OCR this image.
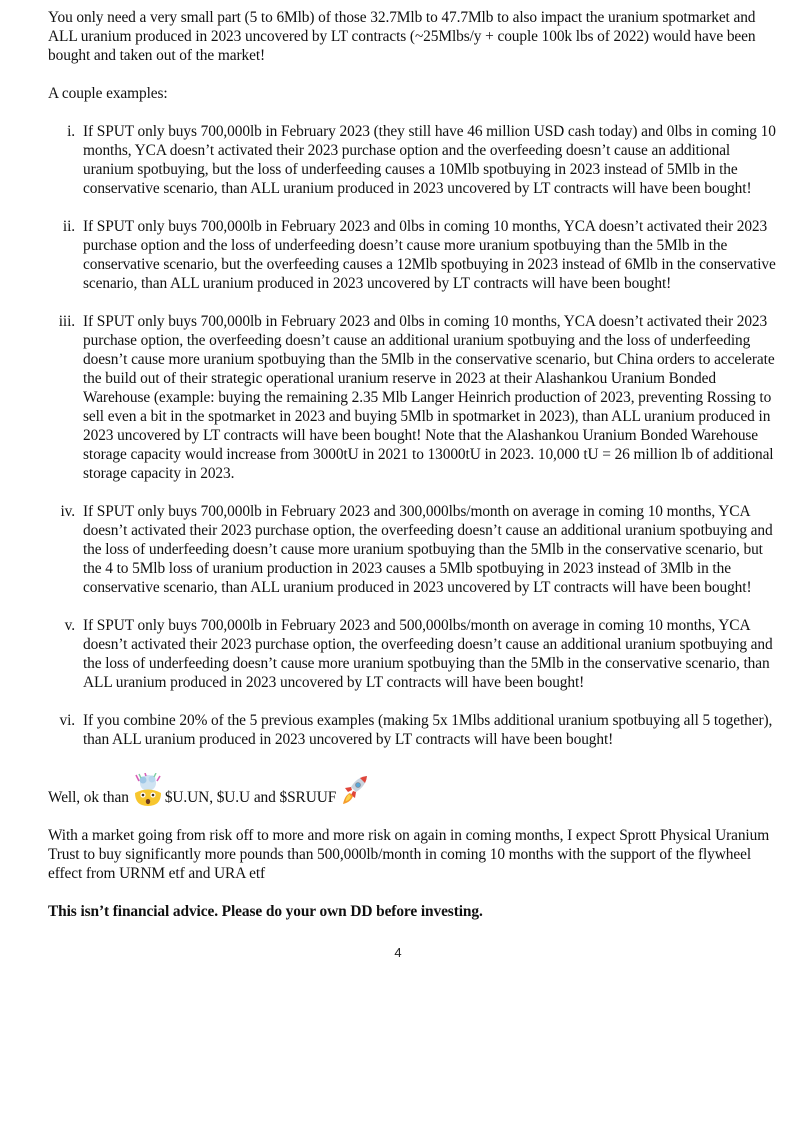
You only need a very small part (5 to 6Mlb) of those 32.7Mlb to 47.7Mlb to also impact the uranium spotmarket and ALL uranium produced in 2023 uncovered by LT contracts (~25Mlbs/y + couple 100k lbs of 2022) would have been bought and taken out of the market!

A couple examples:

i. If SPUT only buys 700,000lb in February 2023 (they still have 46 million USD cash today) and 0lbs in coming 10 months, YCA doesn’t activated their 2023 purchase option and the overfeeding doesn’t cause an additional uranium spotbuying, but the loss of underfeeding causes a 10Mlb spotbuying in 2023 instead of 5Mlb in the conservative scenario, than ALL uranium produced in 2023 uncovered by LT contracts will have been bought!
ii. If SPUT only buys 700,000lb in February 2023 and 0lbs in coming 10 months, YCA doesn’t activated their 2023 purchase option and the loss of underfeeding doesn’t cause more uranium spotbuying than the 5Mlb in the conservative scenario, but the overfeeding causes a 12Mlb spotbuying in 2023 instead of 6Mlb in the conservative scenario, than ALL uranium produced in 2023 uncovered by LT contracts will have been bought!
iii. If SPUT only buys 700,000lb in February 2023 and 0lbs in coming 10 months, YCA doesn’t activated their 2023 purchase option, the overfeeding doesn’t cause an additional uranium spotbuying and the loss of underfeeding doesn’t cause more uranium spotbuying than the 5Mlb in the conservative scenario, but China orders to accelerate the build out of their strategic operational uranium reserve in 2023 at their Alashankou Uranium Bonded Warehouse (example: buying the remaining 2.35 Mlb Langer Heinrich production of 2023, preventing Rossing to sell even a bit in the spotmarket in 2023 and buying 5Mlb in spotmarket in 2023), than ALL uranium produced in 2023 uncovered by LT contracts will have been bought! Note that the Alashankou Uranium Bonded Warehouse storage capacity would increase from 3000tU in 2021 to 13000tU in 2023. 10,000 tU = 26 million lb of additional storage capacity in 2023.
iv. If SPUT only buys 700,000lb in February 2023 and 300,000lbs/month on average in coming 10 months, YCA doesn’t activated their 2023 purchase option, the overfeeding doesn’t cause an additional uranium spotbuying and the loss of underfeeding doesn’t cause more uranium spotbuying than the 5Mlb in the conservative scenario, but the 4 to 5Mlb loss of uranium production in 2023 causes a 5Mlb spotbuying in 2023 instead of 3Mlb in the conservative scenario, than ALL uranium produced in 2023 uncovered by LT contracts will have been bought!
v. If SPUT only buys 700,000lb in February 2023 and 500,000lbs/month on average in coming 10 months, YCA doesn’t activated their 2023 purchase option, the overfeeding doesn’t cause an additional uranium spotbuying and the loss of underfeeding doesn’t cause more uranium spotbuying than the 5Mlb in the conservative scenario, than ALL uranium produced in 2023 uncovered by LT contracts will have been bought!
vi. If you combine 20% of the 5 previous examples (making 5x 1Mlbs additional uranium spotbuying all 5 together), than ALL uranium produced in 2023 uncovered by LT contracts will have been bought!

Well, ok than $U.UN, $U.U and $SRUUF

With a market going from risk off to more and more risk on again in coming months, I expect Sprott Physical Uranium Trust to buy significantly more pounds than 500,000lb/month in coming 10 months with the support of the flywheel effect from URNM etf and URA etf

This isn’t financial advice. Please do your own DD before investing.

4
